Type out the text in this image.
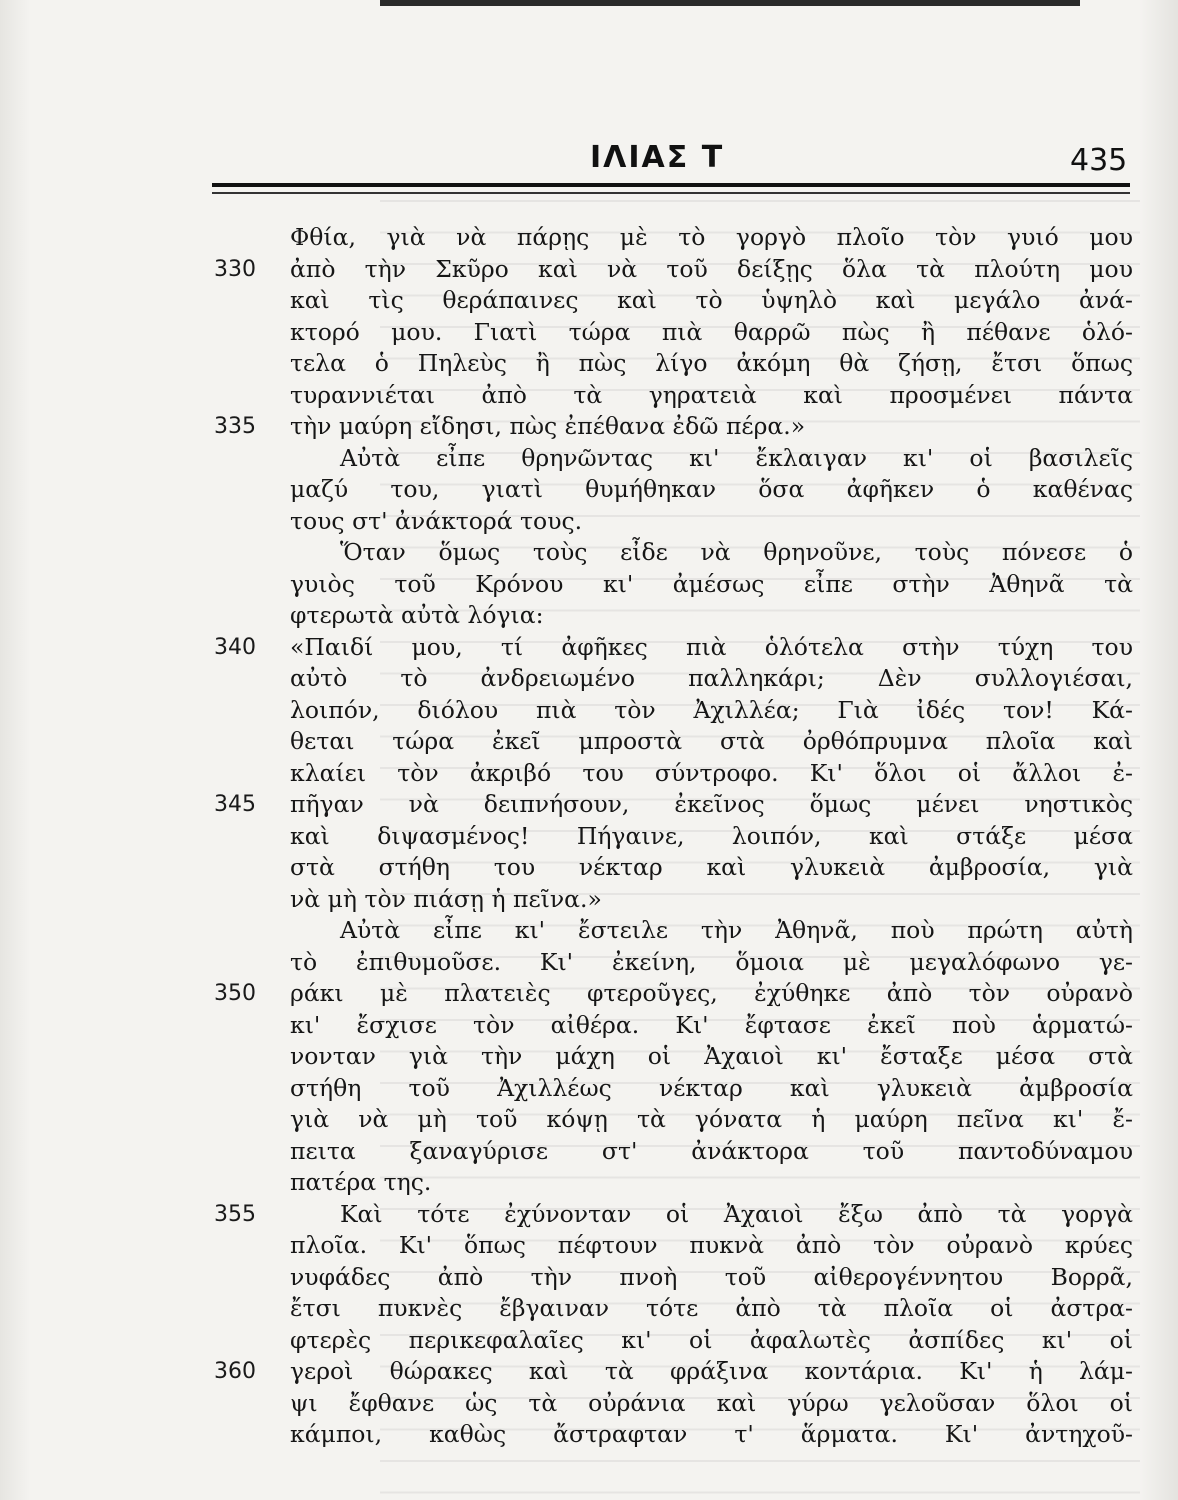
ΙΛΙΑΣ Τ	435
Φθία, γιὰ νὰ πάρῃς μὲ τὸ γοργὸ πλοῖο τὸν γυιό μου
330 ἀπὸ τὴν Σκῦρο καὶ νὰ τοῦ δείξῃς ὅλα τὰ πλούτη μου
καὶ τὶς θεράπαινες καὶ τὸ ὑψηλὸ καὶ μεγάλο ἀνά-
κτορό μου. Γιατὶ τώρα πιὰ θαρρῶ πὼς ἢ πέθανε ὁλό-
τελα ὁ Πηλεὺς ἢ πὼς λίγο ἀκόμη θὰ ζήσῃ, ἔτσι ὅπως
τυραννιέται ἀπὸ τὰ γηρατειὰ καὶ προσμένει πάντα
335 τὴν μαύρη εἴδησι, πὼς ἐπέθανα ἐδῶ πέρα.»
Αὐτὰ εἶπε θρηνῶντας κι' ἔκλαιγαν κι' οἱ βασιλεῖς
μαζύ του, γιατὶ θυμήθηκαν ὅσα ἀφῆκεν ὁ καθένας
τους στ' ἀνάκτορά τους.
Ὅταν ὅμως τοὺς εἶδε νὰ θρηνοῦνε, τοὺς πόνεσε ὁ
γυιὸς τοῦ Κρόνου κι' ἀμέσως εἶπε στὴν Ἀθηνᾶ τὰ
φτερωτὰ αὐτὰ λόγια:
340 «Παιδί μου, τί ἀφῆκες πιὰ ὁλότελα στὴν τύχη του
αὐτὸ τὸ ἀνδρειωμένο παλληκάρι; Δὲν συλλογιέσαι,
λοιπόν, διόλου πιὰ τὸν Ἀχιλλέα; Γιὰ ἰδές τον! Κά-
θεται τώρα ἐκεῖ μπροστὰ στὰ ὀρθόπρυμνα πλοῖα καὶ
κλαίει τὸν ἀκριβό του σύντροφο. Κι' ὅλοι οἱ ἄλλοι ἐ-
345 πῆγαν νὰ δειπνήσουν, ἐκεῖνος ὅμως μένει νηστικὸς
καὶ διψασμένος! Πήγαινε, λοιπόν, καὶ στάξε μέσα
στὰ στήθη του νέκταρ καὶ γλυκειὰ ἀμβροσία, γιὰ
νὰ μὴ τὸν πιάσῃ ἡ πεῖνα.»
Αὐτὰ εἶπε κι' ἔστειλε τὴν Ἀθηνᾶ, ποὺ πρώτη αὐτὴ
τὸ ἐπιθυμοῦσε. Κι' ἐκείνη, ὅμοια μὲ μεγαλόφωνο γε-
350 ράκι μὲ πλατειὲς φτεροῦγες, ἐχύθηκε ἀπὸ τὸν οὐρανὸ
κι' ἔσχισε τὸν αἰθέρα. Κι' ἔφτασε ἐκεῖ ποὺ ἁρματώ-
νονταν γιὰ τὴν μάχη οἱ Ἀχαιοὶ κι' ἔσταξε μέσα στὰ
στήθη τοῦ Ἀχιλλέως νέκταρ καὶ γλυκειὰ ἀμβροσία
γιὰ νὰ μὴ τοῦ κόψῃ τὰ γόνατα ἡ μαύρη πεῖνα κι' ἔ-
πειτα ξαναγύρισε στ' ἀνάκτορα τοῦ παντοδύναμου
πατέρα της.
355	Καὶ τότε ἐχύνονταν οἱ Ἀχαιοὶ ἔξω ἀπὸ τὰ γοργὰ
πλοῖα. Κι' ὅπως πέφτουν πυκνὰ ἀπὸ τὸν οὐρανὸ κρύες
νυφάδες ἀπὸ τὴν πνοὴ τοῦ αἰθερογέννητου Βορρᾶ,
ἔτσι πυκνὲς ἔβγαιναν τότε ἀπὸ τὰ πλοῖα οἱ ἀστρα-
φτερὲς περικεφαλαῖες κι' οἱ ἀφαλωτὲς ἀσπίδες κι' οἱ
360 γεροὶ θώρακες καὶ τὰ φράξινα κοντάρια. Κι' ἡ λάμ-
ψι ἔφθανε ὡς τὰ οὐράνια καὶ γύρω γελοῦσαν ὅλοι οἱ
κάμποι, καθὼς ἄστραφταν τ' ἅρματα. Κι' ἀντηχοῦ-
